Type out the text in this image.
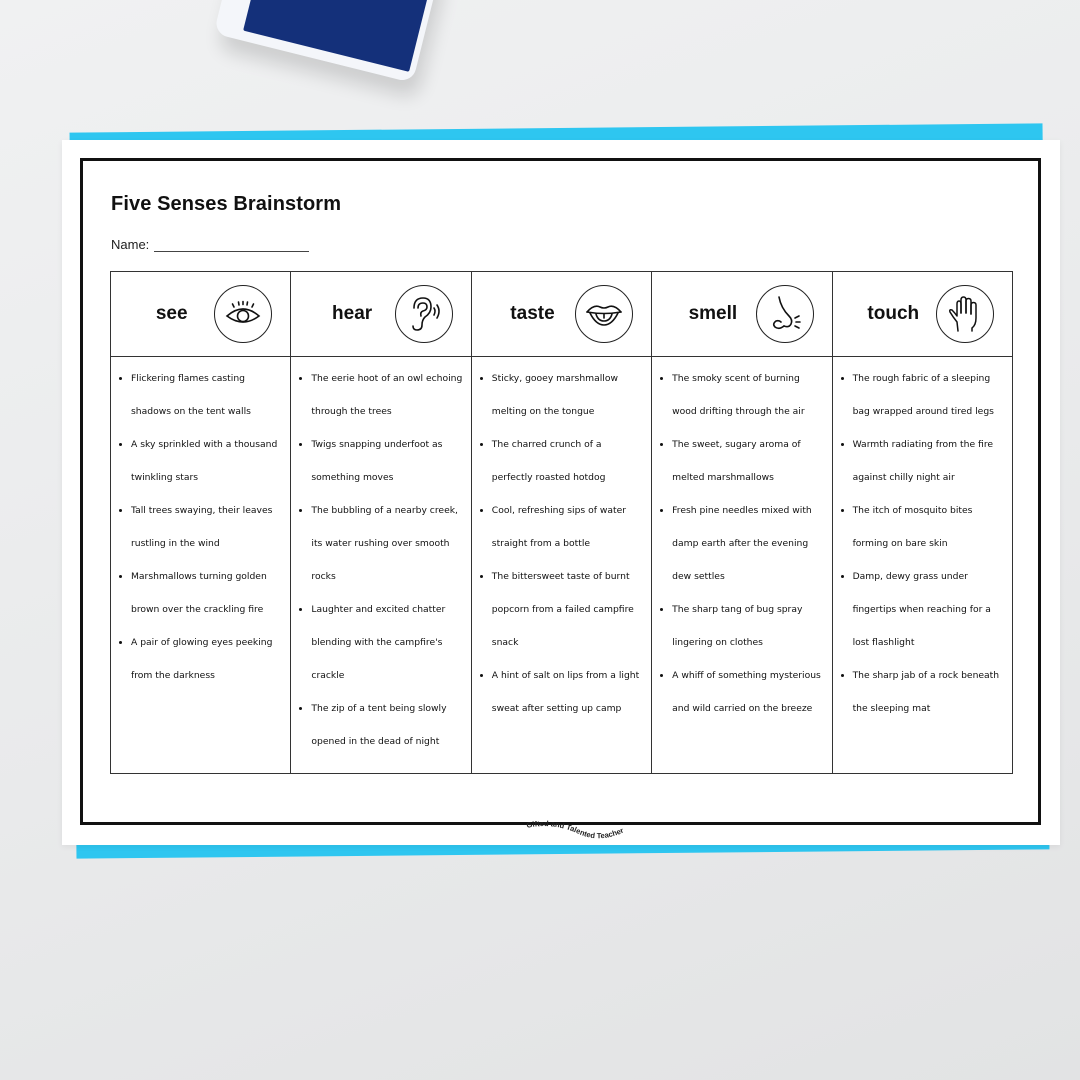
Five Senses Brainstorm
Name:
see	hear	taste	smell	touch

Flickering flames casting shadows on the tent walls
A sky sprinkled with a thousand twinkling stars
Tall trees swaying, their leaves rustling in the wind
Marshmallows turning golden brown over the crackling fire
A pair of glowing eyes peeking from the darkness

The eerie hoot of an owl echoing through the trees
Twigs snapping underfoot as something moves
The bubbling of a nearby creek, its water rushing over smooth rocks
Laughter and excited chatter blending with the campfire's crackle
The zip of a tent being slowly opened in the dead of night

Sticky, gooey marshmallow melting on the tongue
The charred crunch of a perfectly roasted hotdog
Cool, refreshing sips of water straight from a bottle
The bittersweet taste of burnt popcorn from a failed campfire snack
A hint of salt on lips from a light sweat after setting up camp

The smoky scent of burning wood drifting through the air
The sweet, sugary aroma of melted marshmallows
Fresh pine needles mixed with damp earth after the evening dew settles
The sharp tang of bug spray lingering on clothes
A whiff of something mysterious and wild carried on the breeze

The rough fabric of a sleeping bag wrapped around tired legs
Warmth radiating from the fire against chilly night air
The itch of mosquito bites forming on bare skin
Damp, dewy grass under fingertips when reaching for a lost flashlight
The sharp jab of a rock beneath the sleeping mat
Gifted and Talented Teacher
